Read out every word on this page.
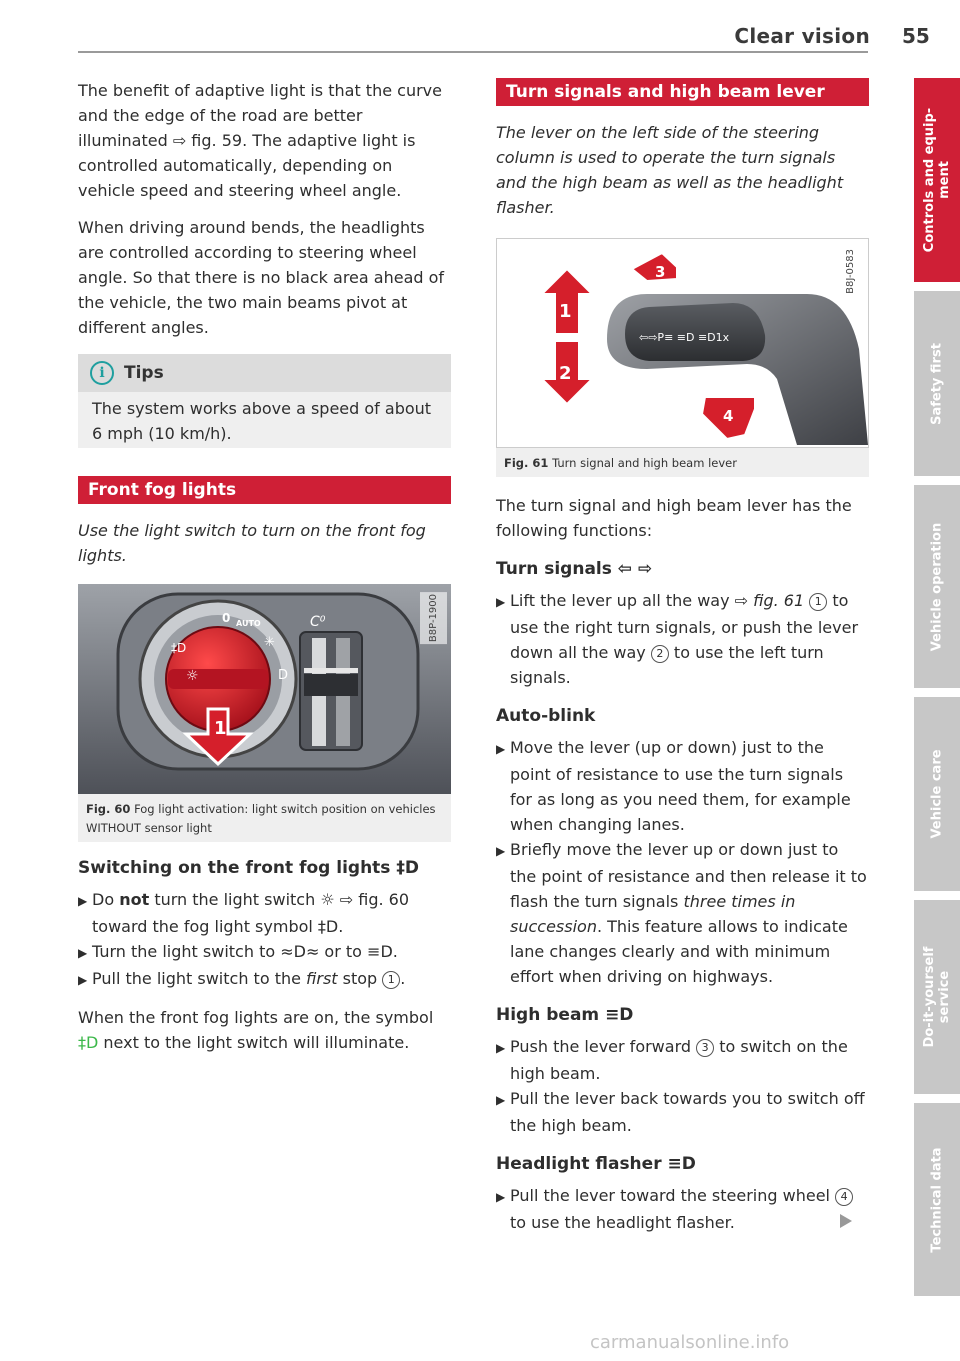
Clear vision 55

The benefit of adaptive light is that the curve and the edge of the road are better illuminated ⇨ fig. 59. The adaptive light is controlled automatically, depending on vehicle speed and steering wheel angle.

When driving around bends, the headlights are controlled according to steering wheel angle. So that there is no black area ahead of the vehicle, the two main beams pivot at different angles.

i Tips

The system works above a speed of about 6 mph (10 km/h).

Front fog lights

Use the light switch to turn on the front fog lights.

0 AUTO
‡D
☼
✳
D
C⁰
1
B8P-1900
Fig. 60 Fog light activation: light switch position on vehicles WITHOUT sensor light

Switching on the front fog lights ‡D

▶ Do not turn the light switch ☼ ⇨ fig. 60 toward the fog light symbol ‡D.

▶ Turn the light switch to ≈D≈ or to ≡D.

▶ Pull the light switch to the first stop 1 .

When the front fog lights are on, the symbol ‡D next to the light switch will illuminate.

Turn signals and high beam lever

The lever on the left side of the steering column is used to operate the turn signals and the high beam as well as the headlight flasher.

⇦⇨P≡ ≡D ≡D1x
1
2
3
4
B8J-0583
Fig. 61 Turn signal and high beam lever

The turn signal and high beam lever has the following functions:

Turn signals ⇦ ⇨

▶ Lift the lever up all the way ⇨ fig. 61 1 to use the right turn signals, or push the lever down all the way 2 to use the left turn signals.

Auto-blink

▶ Move the lever (up or down) just to the point of resistance to use the turn signals for as long as you need them, for example when changing lanes.

▶ Briefly move the lever up or down just to the point of resistance and then release it to flash the turn signals three times in succession. This feature allows to indicate lane changes clearly and with minimum effort when driving on highways.

High beam ≡D

▶ Push the lever forward 3 to switch on the high beam.

▶ Pull the lever back towards you to switch off the high beam.

Headlight flasher ≡D

▶ Pull the lever toward the steering wheel 4
to use the headlight flasher.

Controls and equip-
ment
Safety first
Vehicle operation
Vehicle care
Do-it-yourself
service
Technical data
carmanualsonline.info
